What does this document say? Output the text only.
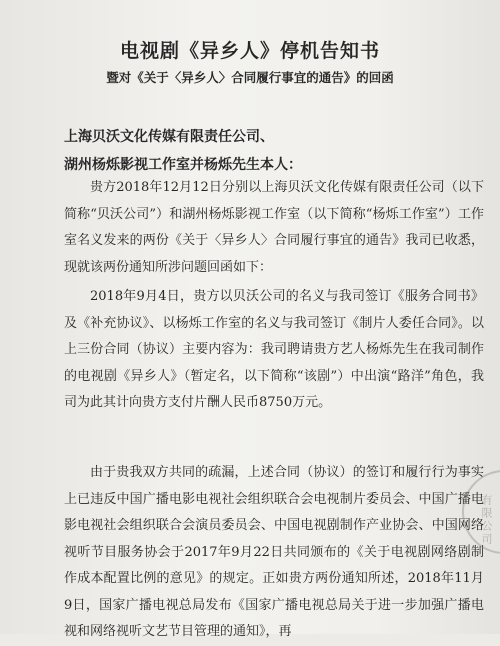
电视剧《异乡人》停机告知书
暨对《关于〈异乡人〉合同履行事宜的通告》的回函
上海贝沃文化传媒有限责任公司、
湖州杨烁影视工作室并杨烁先生本人：

贵方2018年12月12日分别以上海贝沃文化传媒有限责任公司（以下简称“贝沃公司”）和湖州杨烁影视工作室（以下简称“杨烁工作室”）工作室名义发来的两份《关于〈异乡人〉合同履行事宜的通告》我司已收悉，现就该两份通知所涉问题回函如下：

2018年9月4日，贵方以贝沃公司的名义与我司签订《服务合同书》及《补充协议》、以杨烁工作室的名义与我司签订《制片人委任合同》。以上三份合同（协议）主要内容为：我司聘请贵方艺人杨烁先生在我司制作的电视剧《异乡人》（暂定名，以下简称“该剧”）中出演“路洋”角色，我司为此其计向贵方支付片酬人民币8750万元。

由于贵我双方共同的疏漏，上述合同（协议）的签订和履行行为事实上已违反中国广播电影电视社会组织联合会电视制片委员会、中国广播电影电视社会组织联合会演员委员会、中国电视剧制作产业协会、中国网络视听节目服务协会于2017年9月22日共同颁布的《关于电视剧网络剧制作成本配置比例的意见》的规定。正如贵方两份通知所述，2018年11月9日，国家广播电视总局发布《国家广播电视总局关于进一步加强广播电视和网络视听文艺节目管理的通知》，再

有限公司
